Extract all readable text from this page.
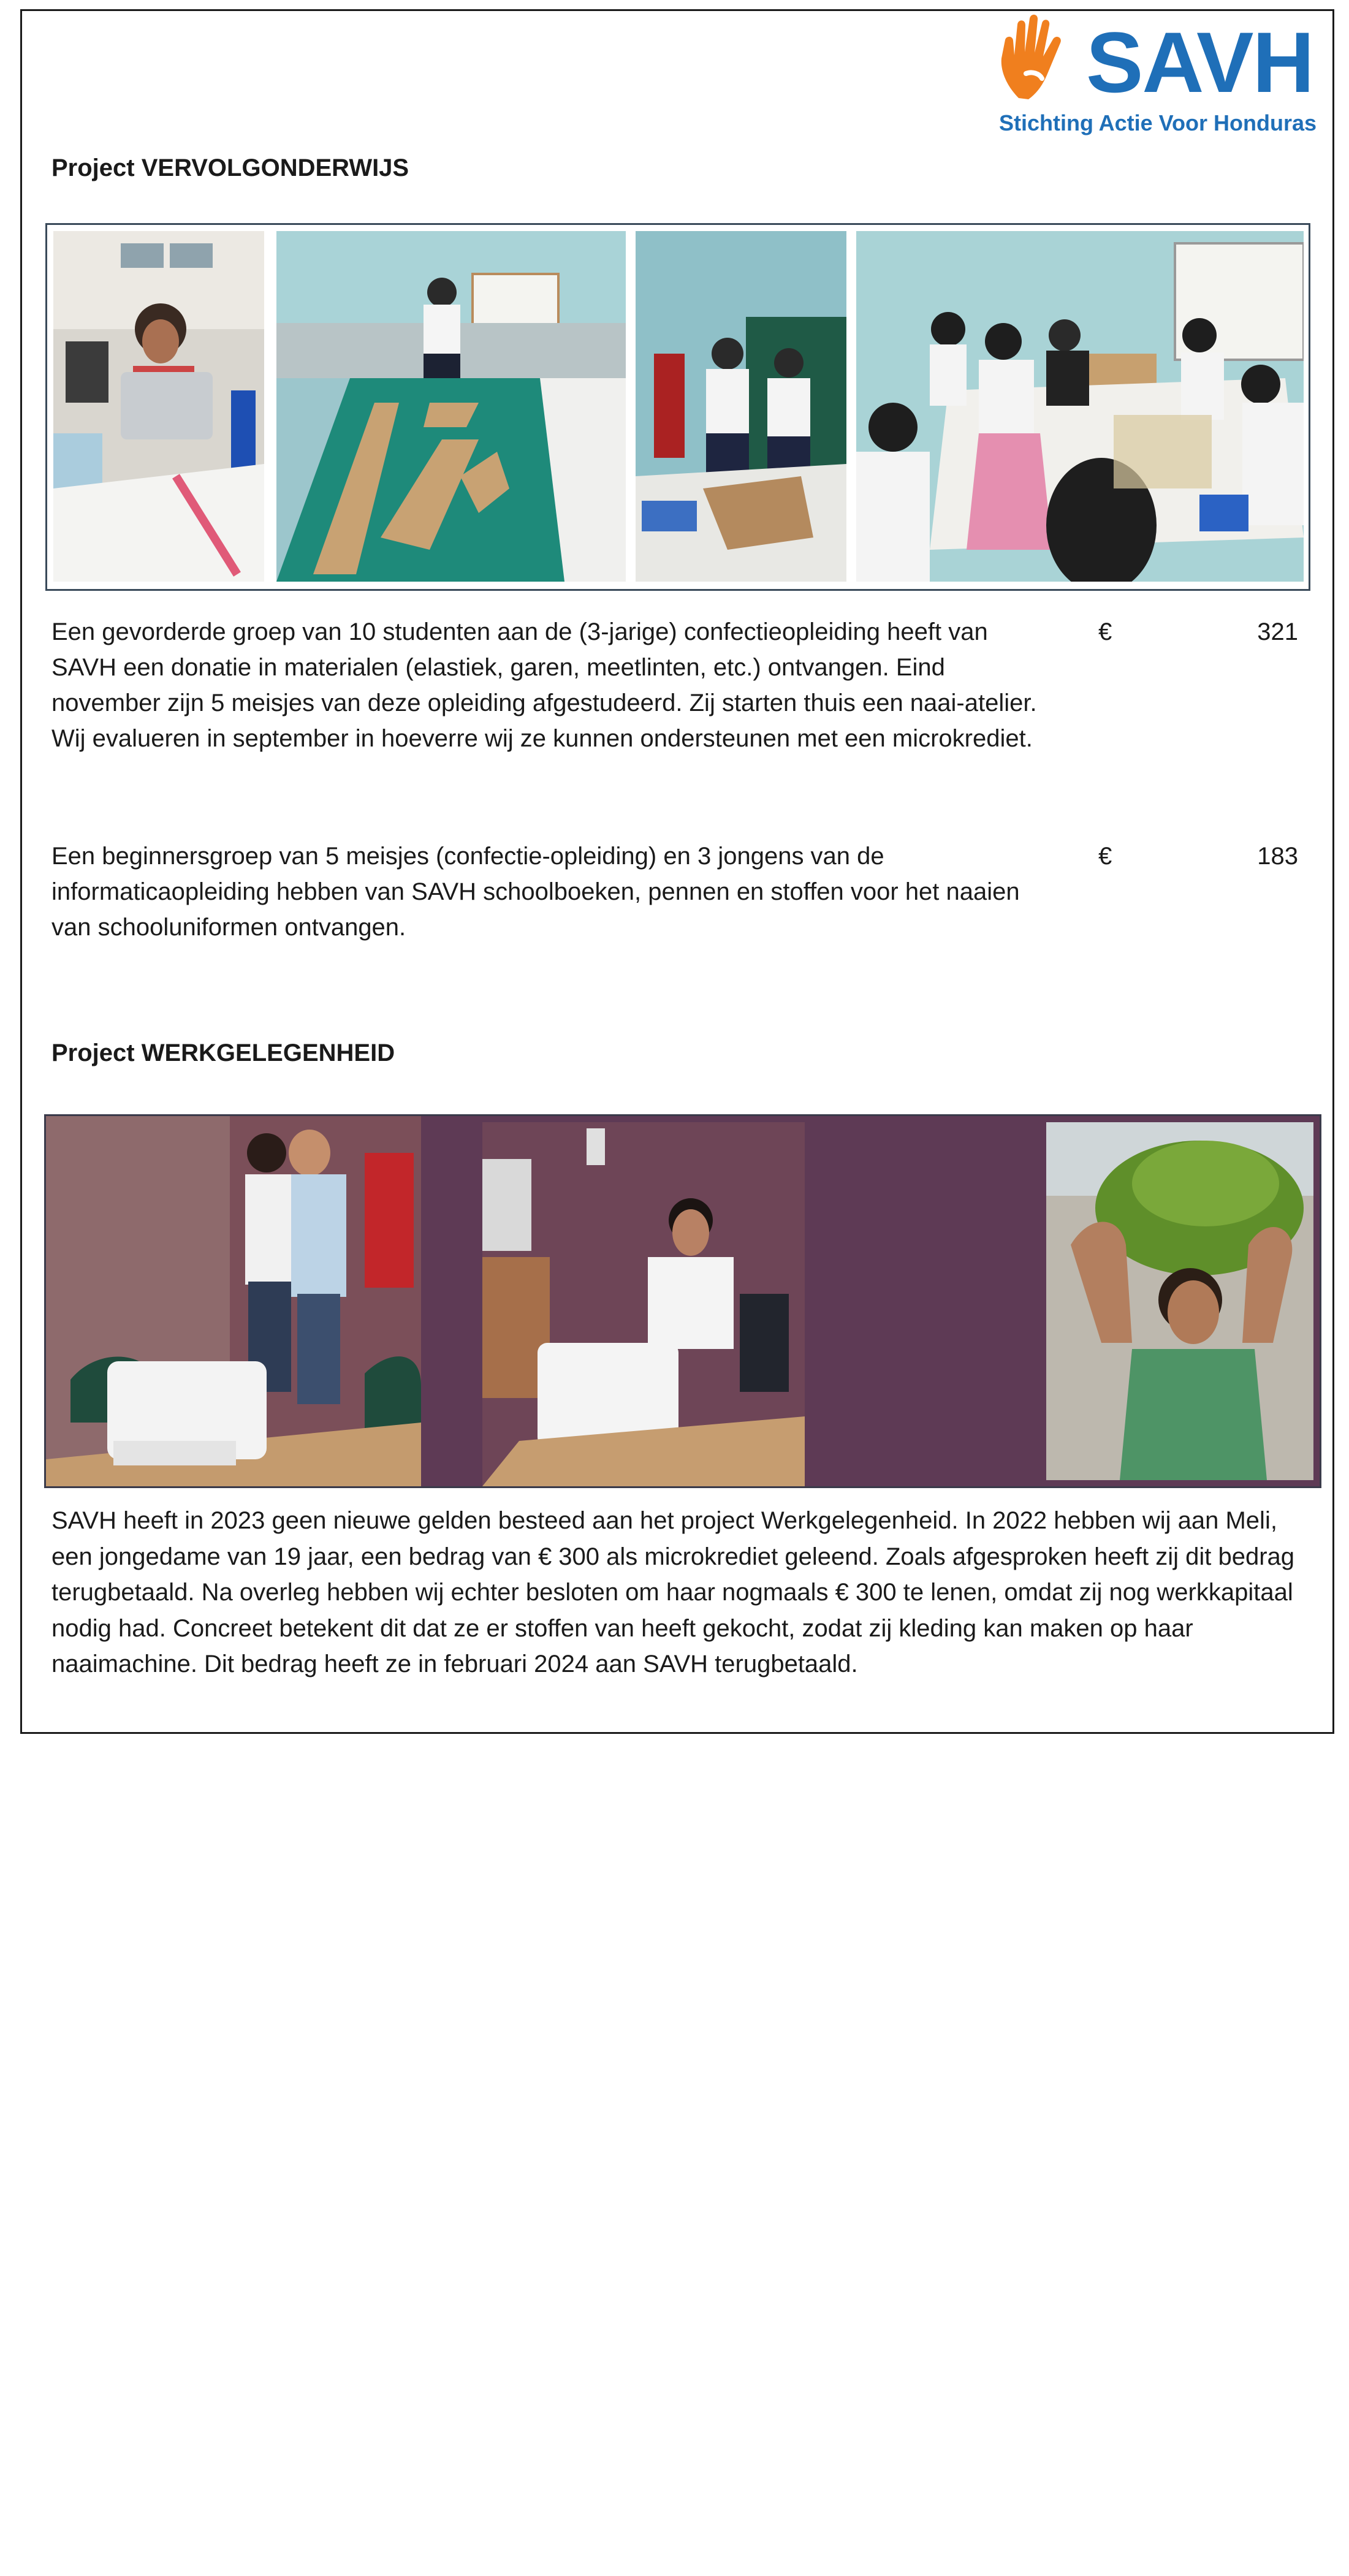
SAVH
Stichting Actie Voor Honduras
Project VERVOLGONDERWIJS
Een gevorderde groep van 10 studenten aan de (3-jarige) confectieopleiding heeft van SAVH een donatie in materialen (elastiek, garen, meetlinten, etc.) ontvangen. Eind november zijn 5 meisjes van deze opleiding afgestudeerd. Zij starten thuis een naai-atelier. Wij evalueren in september in hoeverre wij ze kunnen ondersteunen met een microkrediet.
€	321
Een beginnersgroep van 5 meisjes (confectie-opleiding) en 3 jongens van de informaticaopleiding hebben van SAVH schoolboeken, pennen en stoffen voor het naaien van schooluniformen ontvangen.
€	183
Project WERKGELEGENHEID
T
O
E
K
O
M
S
T
SAVH heeft in 2023 geen nieuwe gelden besteed aan het project Werkgelegenheid. In 2022 hebben wij aan Meli, een jongedame van 19 jaar, een bedrag van € 300 als microkrediet geleend. Zoals afgesproken heeft zij dit bedrag terugbetaald. Na overleg hebben wij echter besloten om haar nogmaals € 300 te lenen, omdat zij nog werkkapitaal nodig had. Concreet betekent dit dat ze er stoffen van heeft gekocht, zodat zij kleding kan maken op haar naaimachine. Dit bedrag heeft ze in februari 2024 aan SAVH terugbetaald.
